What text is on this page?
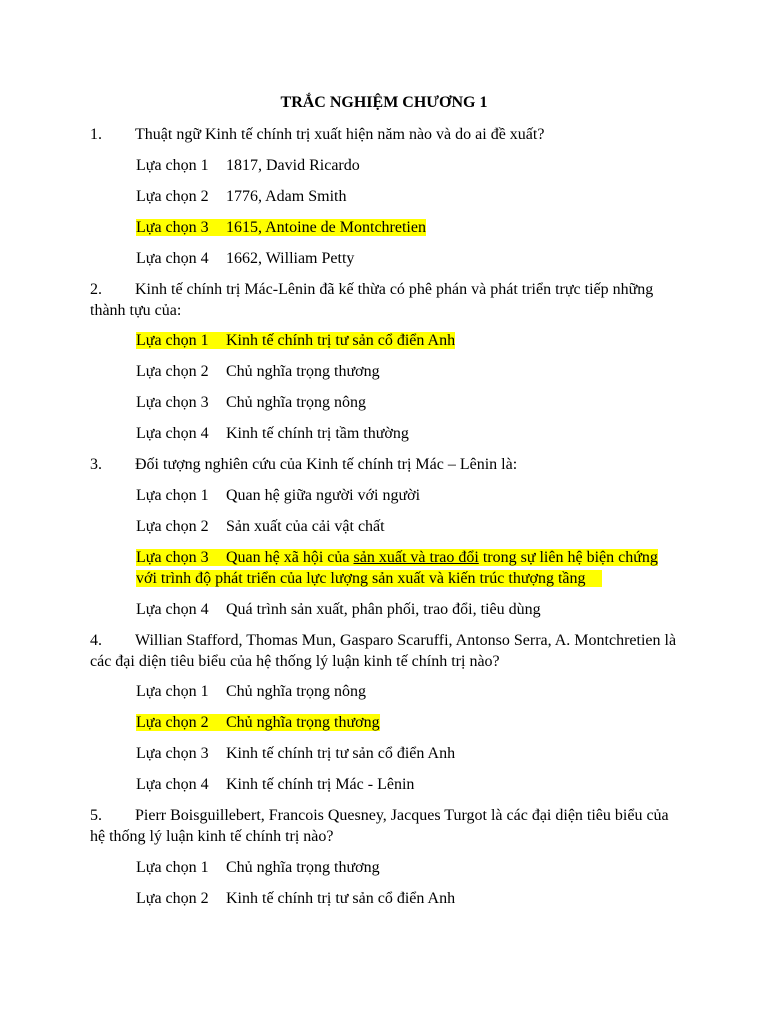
TRẮC NGHIỆM CHƯƠNG 1
1. Thuật ngữ Kinh tế chính trị xuất hiện năm nào và do ai đề xuất?
Lựa chọn 1 1817, David Ricardo
Lựa chọn 2 1776, Adam Smith
Lựa chọn 3 1615, Antoine de Montchretien
Lựa chọn 4 1662, William Petty
2. Kinh tế chính trị Mác-Lênin đã kế thừa có phê phán và phát triển trực tiếp những thành tựu của:
Lựa chọn 1 Kinh tế chính trị tư sản cổ điển Anh
Lựa chọn 2 Chủ nghĩa trọng thương
Lựa chọn 3 Chủ nghĩa trọng nông
Lựa chọn 4 Kinh tế chính trị tầm thường
3. Đối tượng nghiên cứu của Kinh tế chính trị Mác – Lênin là:
Lựa chọn 1 Quan hệ giữa người với người
Lựa chọn 2 Sản xuất của cải vật chất
Lựa chọn 3 Quan hệ xã hội của sản xuất và trao đổi trong sự liên hệ biện chứng với trình độ phát triển của lực lượng sản xuất và kiến trúc thượng tầng
Lựa chọn 4 Quá trình sản xuất, phân phối, trao đổi, tiêu dùng
4. Willian Stafford, Thomas Mun, Gasparo Scaruffi, Antonso Serra, A. Montchretien là các đại diện tiêu biểu của hệ thống lý luận kinh tế chính trị nào?
Lựa chọn 1 Chủ nghĩa trọng nông
Lựa chọn 2 Chủ nghĩa trọng thương
Lựa chọn 3 Kinh tế chính trị tư sản cổ điển Anh
Lựa chọn 4 Kinh tế chính trị Mác - Lênin
5. Pierr Boisguillebert, Francois Quesney, Jacques Turgot là các đại diện tiêu biểu của hệ thống lý luận kinh tế chính trị nào?
Lựa chọn 1 Chủ nghĩa trọng thương
Lựa chọn 2 Kinh tế chính trị tư sản cổ điển Anh
